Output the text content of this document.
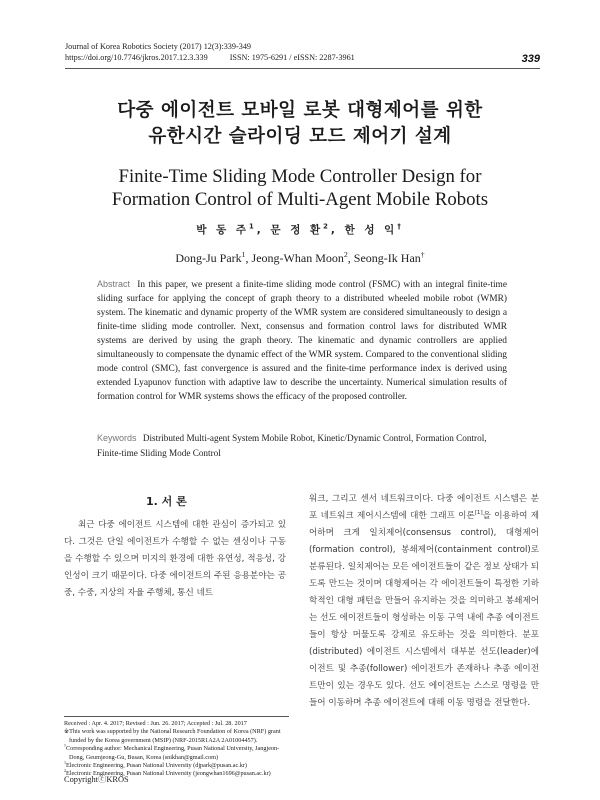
Journal of Korea Robotics Society (2017) 12(3):339-349
https://doi.org/10.7746/jkros.2017.12.3.339	ISSN: 1975-6291 / eISSN: 2287-3961	339
다중 에이전트 모바일 로봇 대형제어를 위한
유한시간 슬라이딩 모드 제어기 설계
Finite-Time Sliding Mode Controller Design for
Formation Control of Multi-Agent Mobile Robots
박 동 주$^1$, 문 정 환$^2$, 한 성 익†
Dong-Ju Park$^1$, Jeong-Whan Moon$^2$, Seong-Ik Han†
Abstract In this paper, we present a finite-time sliding mode control (FSMC) with an integral finite-time sliding surface for applying the concept of graph theory to a distributed wheeled mobile robot (WMR) system. The kinematic and dynamic property of the WMR system are considered simultaneously to design a finite-time sliding mode controller. Next, consensus and formation control laws for distributed WMR systems are derived by using the graph theory. The kinematic and dynamic controllers are applied simultaneously to compensate the dynamic effect of the WMR system. Compared to the conventional sliding mode control (SMC), fast convergence is assured and the finite-time performance index is derived using extended Lyapunov function with adaptive law to describe the uncertainty. Numerical simulation results of formation control for WMR systems shows the efficacy of the proposed controller.
Keywords Distributed Multi-agent System Mobile Robot, Kinetic/Dynamic Control, Formation Control, Finite-time Sliding Mode Control
1. 서 론
최근 다중 에이전트 시스템에 대한 관심이 증가되고 있다. 그것은 단일 에이전트가 수행할 수 없는 센싱이나 구동을 수행할 수 있으며 미지의 환경에 대한 유연성, 적응성, 강인성이 크기 때문이다. 다중 에이전트의 주된 응용분야는 공중, 수중, 지상의 자율 주행체, 통신 네트

Received : Apr. 4. 2017; Revised : Jun. 26. 2017; Accepted : Jul. 28. 2017

※This work was supported by the National Research Foundation of Korea (NRF) grant funded by the Korea government (MSIP) (NRF-2015R1A2A 2A01004457).

†Corresponding author: Mechanical Engineering, Pusan National University, Jangjeon-Dong, Geumjeong-Gu, Busan, Korea (snikhan@gmail.com)

$^1$Electronic Engineering, Pusan National University (djpark@pusan.ac.kr)

$^2$Electronic Engineering, Pusan National University (jeongwhan1696@pusan.ac.kr)

CopyrightⓒKROS
워크, 그리고 센서 네트워크이다. 다중 에이전트 시스템은 분포 네트워크 제어시스템에 대한 그래프 이론[1]을 이용하여 제어하며 크게 일치제어(consensus control), 대형제어(formation control), 봉쇄제어(containment control)로 분류된다. 일치제어는 모든 에이전트들이 같은 정보 상태가 되도록 만드는 것이며 대형제어는 각 에이전트들이 특정한 기하학적인 대형 패턴을 만들어 유지하는 것을 의미하고 봉쇄제어는 선도 에이전트들이 형성하는 이동 구역 내에 추종 에이전트들이 항상 머물도록 강제로 유도하는 것을 의미한다. 분포(distributed) 에이전트 시스템에서 대부분 선도(leader)에이전트 및 추종(follower) 에이전트가 존재하나 추종 에이전트만이 있는 경우도 있다. 선도 에이전트는 스스로 명령을 만들어 이동하며 추종 에이전트에 대해 이동 명령을 전달한다.
